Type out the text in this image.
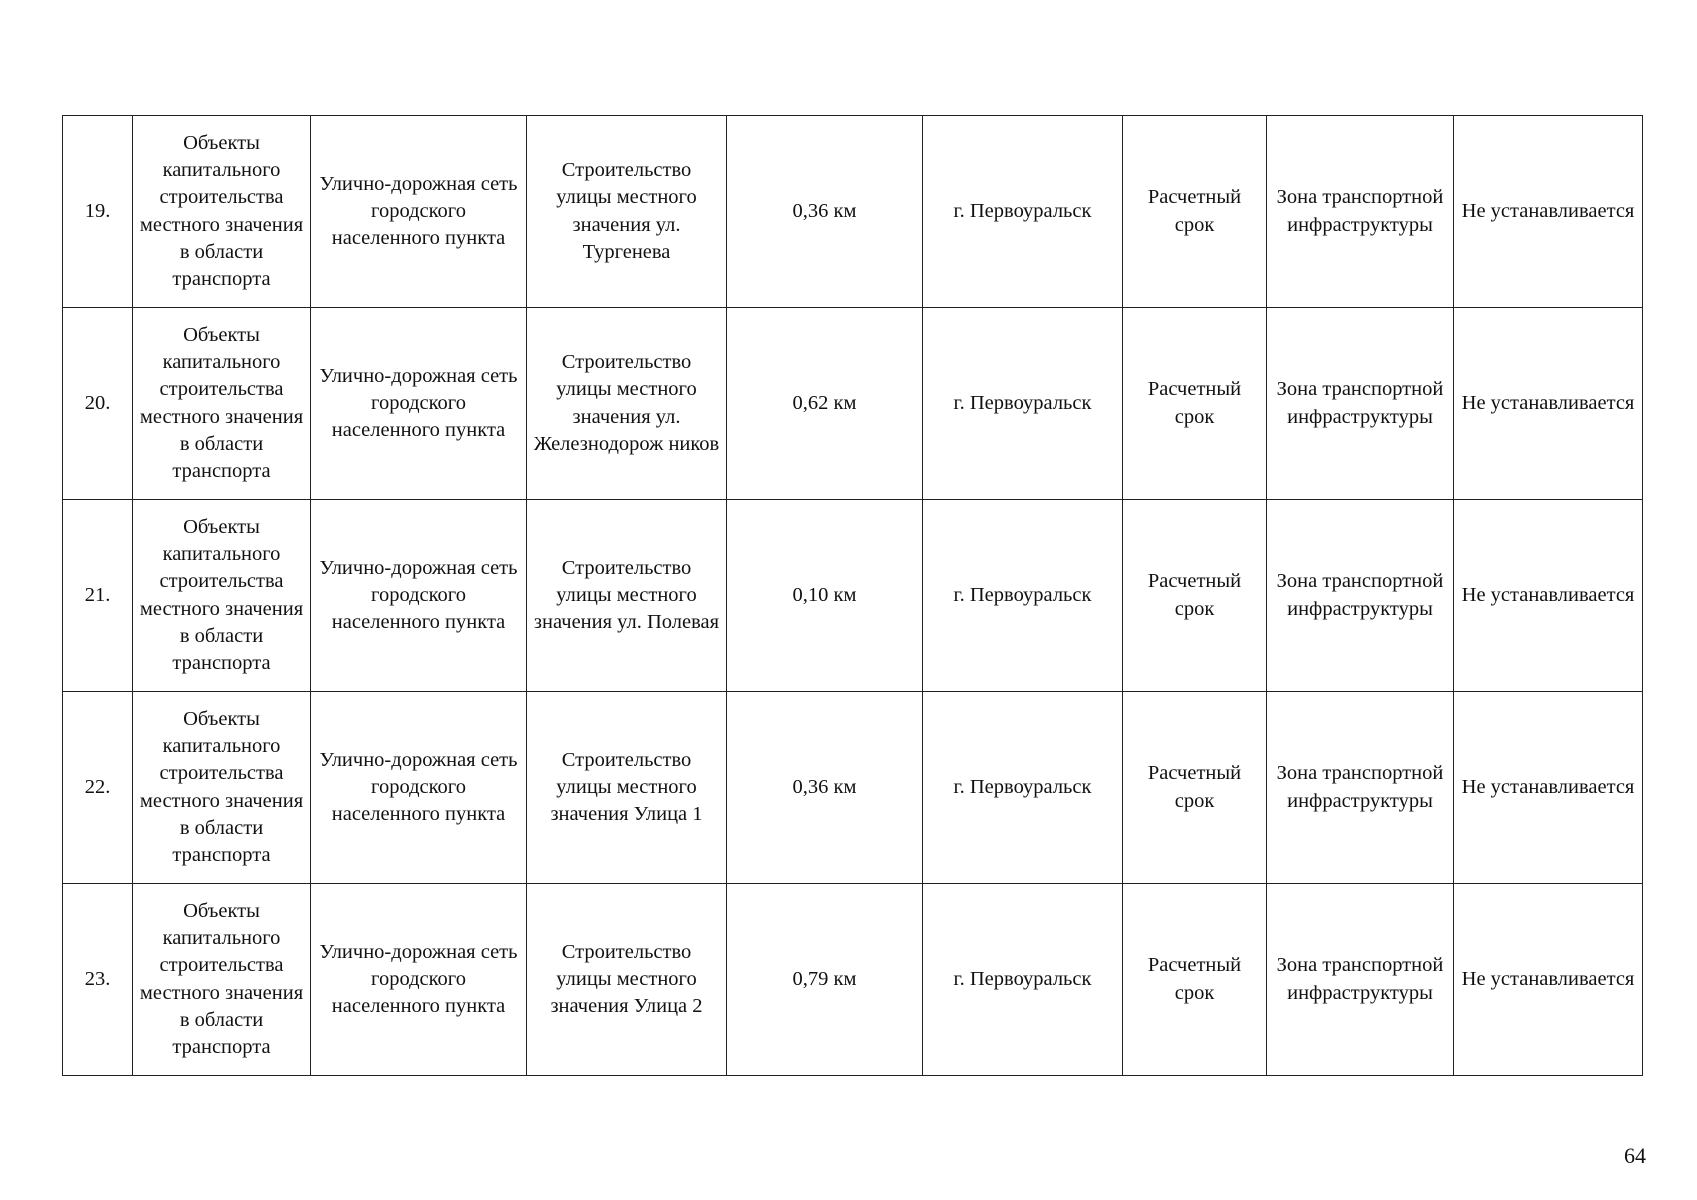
19.	Объекты капитального строительства местного значения в области транспорта	Улично-дорожная сеть городского населенного пункта	Строительство улицы местного значения ул. Тургенева	0,36 км	г. Первоуральск	Расчетный срок	Зона транспортной инфраструктуры	Не устанавливается
20.	Объекты капитального строительства местного значения в области транспорта	Улично-дорожная сеть городского населенного пункта	Строительство улицы местного значения ул. Железнодорож ников	0,62 км	г. Первоуральск	Расчетный срок	Зона транспортной инфраструктуры	Не устанавливается
21.	Объекты капитального строительства местного значения в области транспорта	Улично-дорожная сеть городского населенного пункта	Строительство улицы местного значения ул. Полевая	0,10 км	г. Первоуральск	Расчетный срок	Зона транспортной инфраструктуры	Не устанавливается
22.	Объекты капитального строительства местного значения в области транспорта	Улично-дорожная сеть городского населенного пункта	Строительство улицы местного значения Улица 1	0,36 км	г. Первоуральск	Расчетный срок	Зона транспортной инфраструктуры	Не устанавливается
23.	Объекты капитального строительства местного значения в области транспорта	Улично-дорожная сеть городского населенного пункта	Строительство улицы местного значения Улица 2	0,79 км	г. Первоуральск	Расчетный срок	Зона транспортной инфраструктуры	Не устанавливается
64
